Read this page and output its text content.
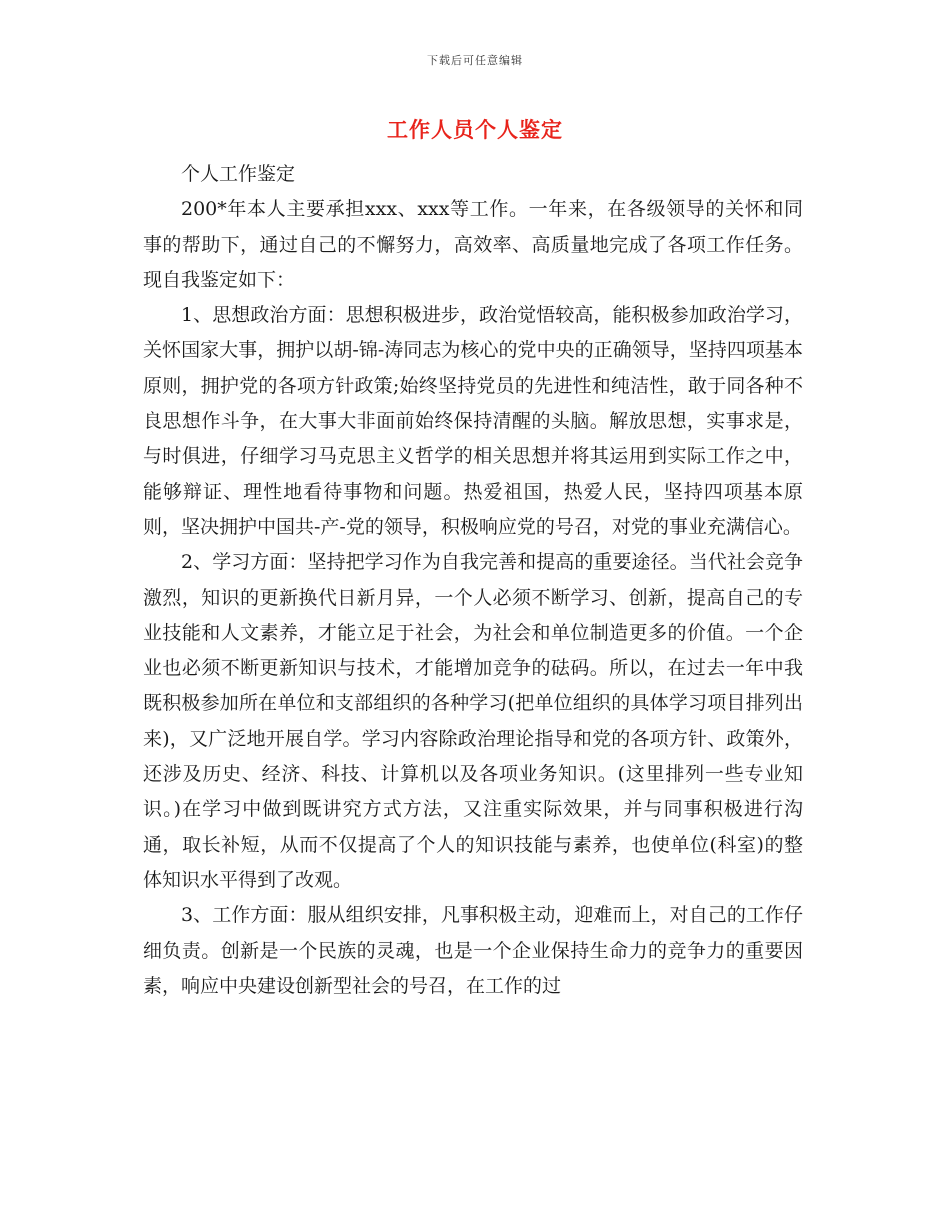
下载后可任意编辑
工作人员个人鉴定

个人工作鉴定

200*年本人主要承担xxx、xxx等工作。一年来，在各级领导的关怀和同事的帮助下，通过自己的不懈努力，高效率、高质量地完成了各项工作任务。现自我鉴定如下：

1、思想政治方面：思想积极进步，政治觉悟较高，能积极参加政治学习，关怀国家大事，拥护以胡-锦-涛同志为核心的党中央的正确领导，坚持四项基本原则，拥护党的各项方针政策;始终坚持党员的先进性和纯洁性，敢于同各种不良思想作斗争，在大事大非面前始终保持清醒的头脑。解放思想，实事求是，与时俱进，仔细学习马克思主义哲学的相关思想并将其运用到实际工作之中，能够辩证、理性地看待事物和问题。热爱祖国，热爱人民，坚持四项基本原则，坚决拥护中国共-产-党的领导，积极响应党的号召，对党的事业充满信心。

2、学习方面：坚持把学习作为自我完善和提高的重要途径。当代社会竞争激烈，知识的更新换代日新月异，一个人必须不断学习、创新，提高自己的专业技能和人文素养，才能立足于社会，为社会和单位制造更多的价值。一个企业也必须不断更新知识与技术，才能增加竞争的砝码。所以，在过去一年中我既积极参加所在单位和支部组织的各种学习(把单位组织的具体学习项目排列出来)，又广泛地开展自学。学习内容除政治理论指导和党的各项方针、政策外，还涉及历史、经济、科技、计算机以及各项业务知识。(这里排列一些专业知识。)在学习中做到既讲究方式方法，又注重实际效果，并与同事积极进行沟通，取长补短，从而不仅提高了个人的知识技能与素养，也使单位(科室)的整体知识水平得到了改观。

3、工作方面：服从组织安排，凡事积极主动，迎难而上，对自己的工作仔细负责。创新是一个民族的灵魂，也是一个企业保持生命力的竞争力的重要因素，响应中央建设创新型社会的号召，在工作的过
